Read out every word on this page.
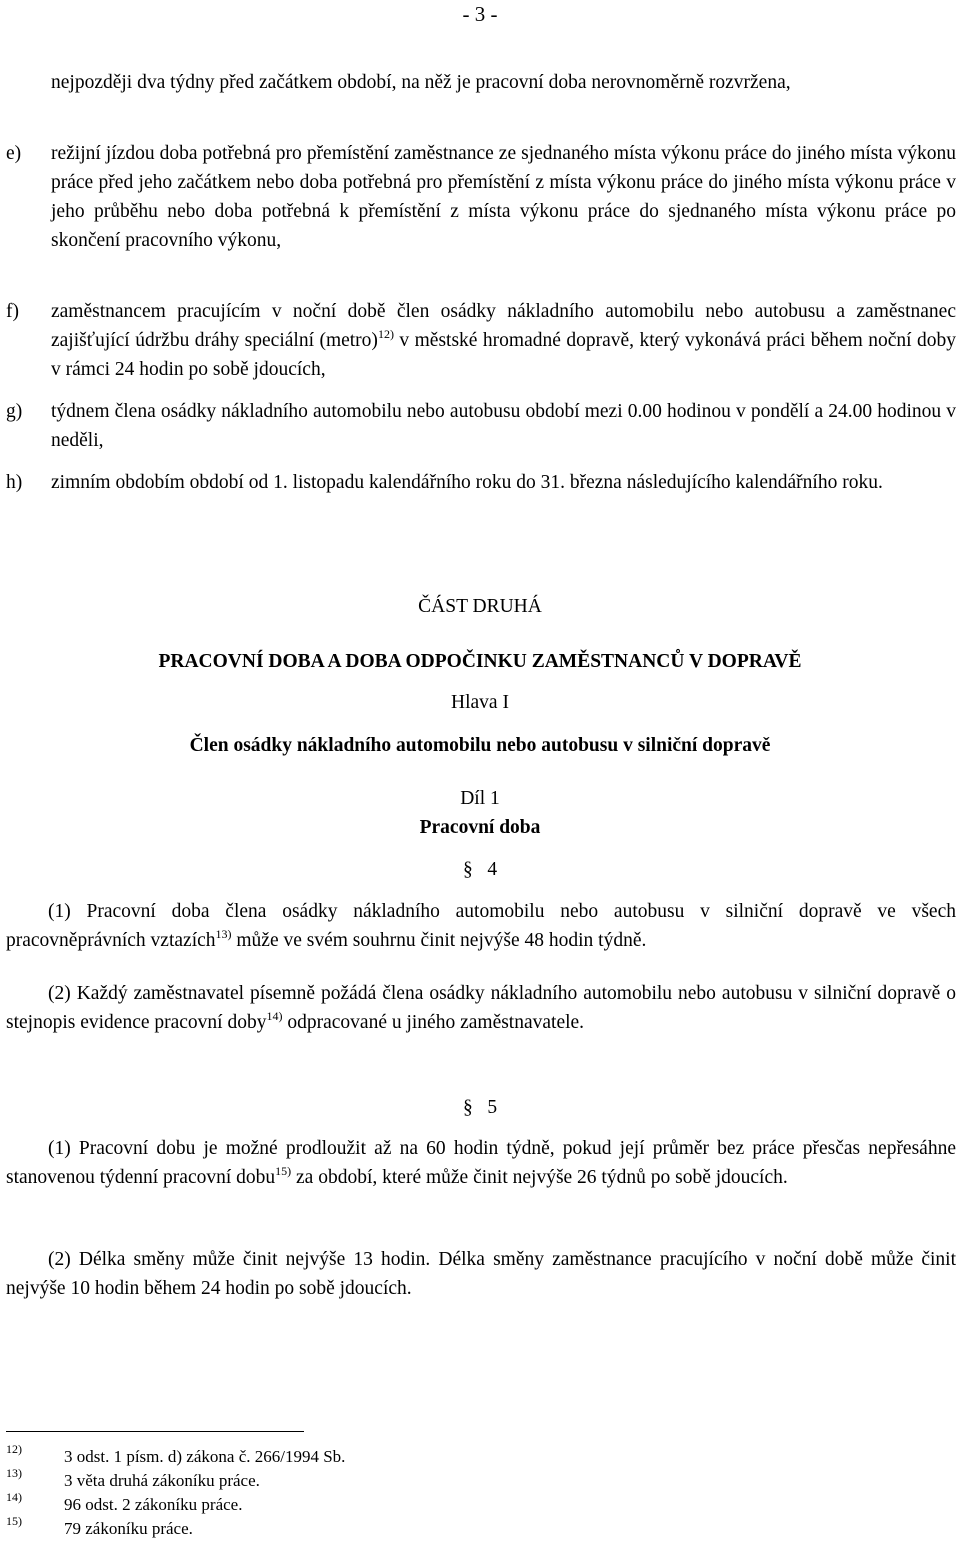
- 3 -
nejpozději dva týdny před začátkem období, na něž je pracovní doba nerovnoměrně rozvržena,
e) režijní jízdou doba potřebná pro přemístění zaměstnance ze sjednaného místa výkonu práce do jiného místa výkonu práce před jeho začátkem nebo doba potřebná pro přemístění z místa výkonu práce do jiného místa výkonu práce v jeho průběhu nebo doba potřebná k přemístění z místa výkonu práce do sjednaného místa výkonu práce po skončení pracovního výkonu,
f) zaměstnancem pracujícím v noční době člen osádky nákladního automobilu nebo autobusu a zaměstnanec zajišťující údržbu dráhy speciální (metro)$^{12)}$ v městské hromadné dopravě, který vykonává práci během noční doby v rámci 24 hodin po sobě jdoucích,
g) týdnem člena osádky nákladního automobilu nebo autobusu období mezi 0.00 hodinou v pondělí a 24.00 hodinou v neděli,
h) zimním obdobím období od 1. listopadu kalendářního roku do 31. března následujícího kalendářního roku.
ČÁST DRUHÁ
PRACOVNÍ DOBA A DOBA ODPOČINKU ZAMĚSTNANCŮ V DOPRAVĚ
Hlava I
Člen osádky nákladního automobilu nebo autobusu v silniční dopravě
Díl 1
Pracovní doba
§ 4
(1) Pracovní doba člena osádky nákladního automobilu nebo autobusu v silniční dopravě ve všech pracovněprávních vztazích$^{13)}$ může ve svém souhrnu činit nejvýše 48 hodin týdně.
(2) Každý zaměstnavatel písemně požádá člena osádky nákladního automobilu nebo autobusu v silniční dopravě o stejnopis evidence pracovní doby$^{14)}$ odpracované u jiného zaměstnavatele.
§ 5
(1) Pracovní dobu je možné prodloužit až na 60 hodin týdně, pokud její průměr bez práce přesčas nepřesáhne stanovenou týdenní pracovní dobu$^{15)}$ za období, které může činit nejvýše 26 týdnů po sobě jdoucích.
(2) Délka směny může činit nejvýše 13 hodin. Délka směny zaměstnance pracujícího v noční době může činit nejvýše 10 hodin během 24 hodin po sobě jdoucích.
12) 3 odst. 1 písm. d) zákona č. 266/1994 Sb.
13) 3 věta druhá zákoníku práce.
14) 96 odst. 2 zákoníku práce.
15) 79 zákoníku práce.
